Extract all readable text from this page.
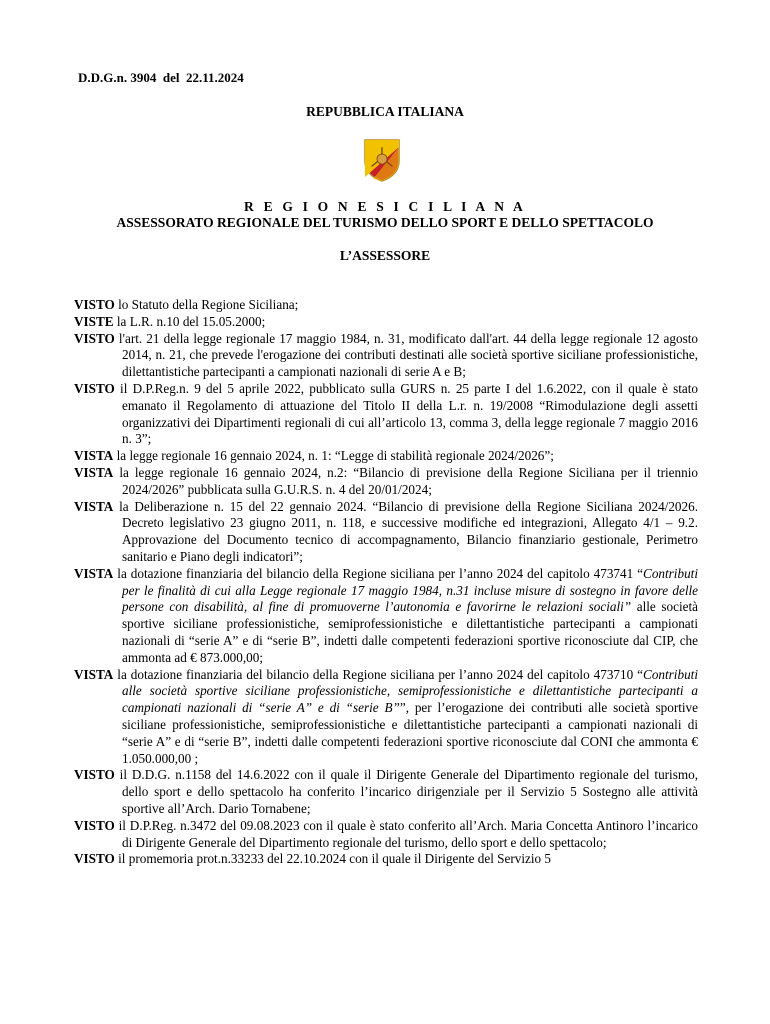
D.D.G.n. 3904  del  22.11.2024
REPUBBLICA ITALIANA
R E G I O N E S I C I L I A N A
ASSESSORATO REGIONALE DEL TURISMO DELLO SPORT E DELLO SPETTACOLO
L’ASSESSORE
VISTO lo Statuto della Regione Siciliana;
VISTE la L.R. n.10 del 15.05.2000;
VISTO l'art. 21 della legge regionale 17 maggio 1984, n. 31, modificato dall'art. 44 della legge regionale 12 agosto 2014, n. 21, che prevede l'erogazione dei contributi destinati alle società sportive siciliane professionistiche, dilettantistiche partecipanti a campionati nazionali di serie A e B;
VISTO il D.P.Reg.n. 9 del 5 aprile 2022, pubblicato sulla GURS n. 25 parte I del 1.6.2022, con il quale è stato emanato il Regolamento di attuazione del Titolo II della L.r. n. 19/2008 “Rimodulazione degli assetti organizzativi dei Dipartimenti regionali di cui all’articolo 13, comma 3, della legge regionale 7 maggio 2016 n. 3”;
VISTA la legge regionale 16 gennaio 2024, n. 1: “Legge di stabilità regionale 2024/2026”;
VISTA la legge regionale 16 gennaio 2024, n.2: “Bilancio di previsione della Regione Siciliana per il triennio 2024/2026” pubblicata sulla G.U.R.S. n. 4 del 20/01/2024;
VISTA la Deliberazione n. 15 del 22 gennaio 2024. “Bilancio di previsione della Regione Siciliana 2024/2026. Decreto legislativo 23 giugno 2011, n. 118, e successive modifiche ed integrazioni, Allegato 4/1 – 9.2. Approvazione del Documento tecnico di accompagnamento, Bilancio finanziario gestionale, Perimetro sanitario e Piano degli indicatori”;
VISTA la dotazione finanziaria del bilancio della Regione siciliana per l’anno 2024 del capitolo 473741 “Contributi per le finalità di cui alla Legge regionale 17 maggio 1984, n.31 incluse misure di sostegno in favore delle persone con disabilità, al fine di promuoverne l’autonomia e favorirne le relazioni sociali” alle società sportive siciliane professionistiche, semiprofessionistiche e dilettantistiche partecipanti a campionati nazionali di “serie A” e di “serie B”, indetti dalle competenti federazioni sportive riconosciute dal CIP, che ammonta ad € 873.000,00;
VISTA la dotazione finanziaria del bilancio della Regione siciliana per l’anno 2024 del capitolo 473710 “Contributi alle società sportive siciliane professionistiche, semiprofessionistiche e dilettantistiche partecipanti a campionati nazionali di “serie A” e di “serie B””, per l’erogazione dei contributi alle società sportive siciliane professionistiche, semiprofessionistiche e dilettantistiche partecipanti a campionati nazionali di “serie A” e di “serie B”, indetti dalle competenti federazioni sportive riconosciute dal CONI che ammonta € 1.050.000,00 ;
VISTO il D.D.G. n.1158 del 14.6.2022 con il quale il Dirigente Generale del Dipartimento regionale del turismo, dello sport e dello spettacolo ha conferito l’incarico dirigenziale per il Servizio 5 Sostegno alle attività sportive all’Arch. Dario Tornabene;
VISTO il D.P.Reg. n.3472 del 09.08.2023 con il quale è stato conferito all’Arch. Maria Concetta Antinoro l’incarico di Dirigente Generale del Dipartimento regionale del turismo, dello sport e dello spettacolo;
VISTO il promemoria prot.n.33233 del 22.10.2024 con il quale il Dirigente del Servizio 5
